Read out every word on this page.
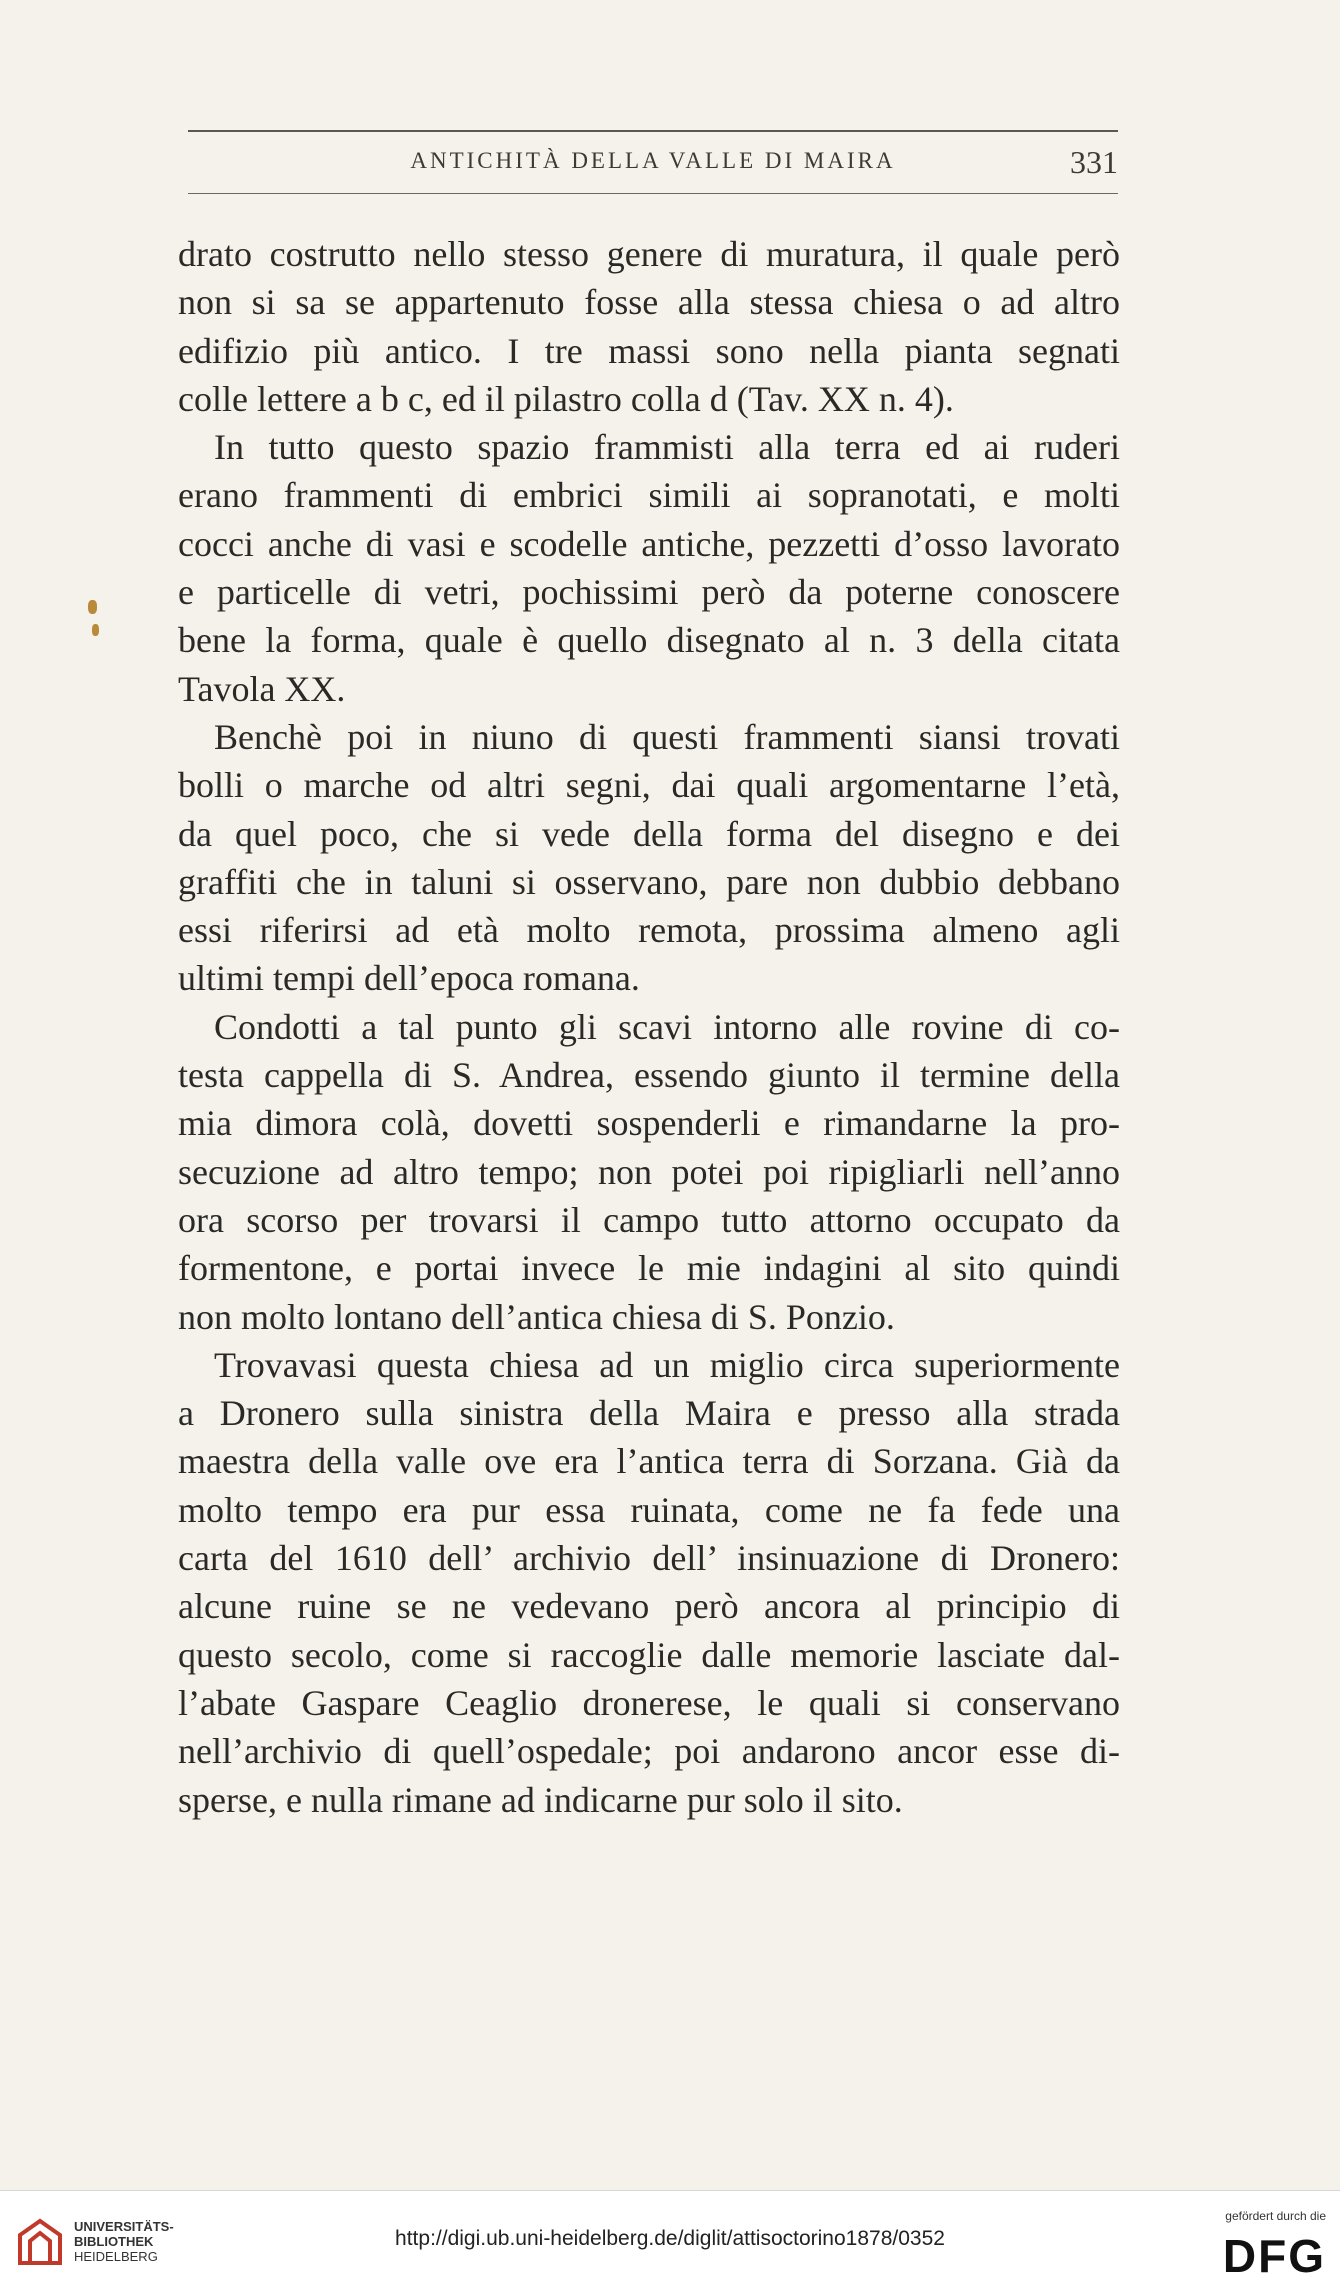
ANTICHITÀ DELLA VALLE DI MAIRA	331

drato costrutto nello stesso genere di muratura, il quale però
non si sa se appartenuto fosse alla stessa chiesa o ad altro
edifizio più antico. I tre massi sono nella pianta segnati
colle lettere a b c, ed il pilastro colla d (Tav. XX n. 4).

In tutto questo spazio frammisti alla terra ed ai ruderi
erano frammenti di embrici simili ai sopranotati, e molti
cocci anche di vasi e scodelle antiche, pezzetti d’osso lavorato
e particelle di vetri, pochissimi però da poterne conoscere
bene la forma, quale è quello disegnato al n. 3 della citata
Tavola XX.

Benchè poi in niuno di questi frammenti siansi trovati
bolli o marche od altri segni, dai quali argomentarne l’età,
da quel poco, che si vede della forma del disegno e dei
graffiti che in taluni si osservano, pare non dubbio debbano
essi riferirsi ad età molto remota, prossima almeno agli
ultimi tempi dell’epoca romana.

Condotti a tal punto gli scavi intorno alle rovine di co-
testa cappella di S. Andrea, essendo giunto il termine della
mia dimora colà, dovetti sospenderli e rimandarne la pro-
secuzione ad altro tempo; non potei poi ripigliarli nell’anno
ora scorso per trovarsi il campo tutto attorno occupato da
formentone, e portai invece le mie indagini al sito quindi
non molto lontano dell’antica chiesa di S. Ponzio.

Trovavasi questa chiesa ad un miglio circa superiormente
a Dronero sulla sinistra della Maira e presso alla strada
maestra della valle ove era l’antica terra di Sorzana. Già da
molto tempo era pur essa ruinata, come ne fa fede una
carta del 1610 dell’ archivio dell’ insinuazione di Dronero:
alcune ruine se ne vedevano però ancora al principio di
questo secolo, come si raccoglie dalle memorie lasciate dal-
l’abate Gaspare Ceaglio dronerese, le quali si conservano
nell’archivio di quell’ospedale; poi andarono ancor esse di-
sperse, e nulla rimane ad indicarne pur solo il sito.

UNIVERSITÄTS-
BIBLIOTHEK
HEIDELBERG
http://digi.ub.uni-heidelberg.de/diglit/attisoctorino1878/0352
gefördert durch die
DFG
